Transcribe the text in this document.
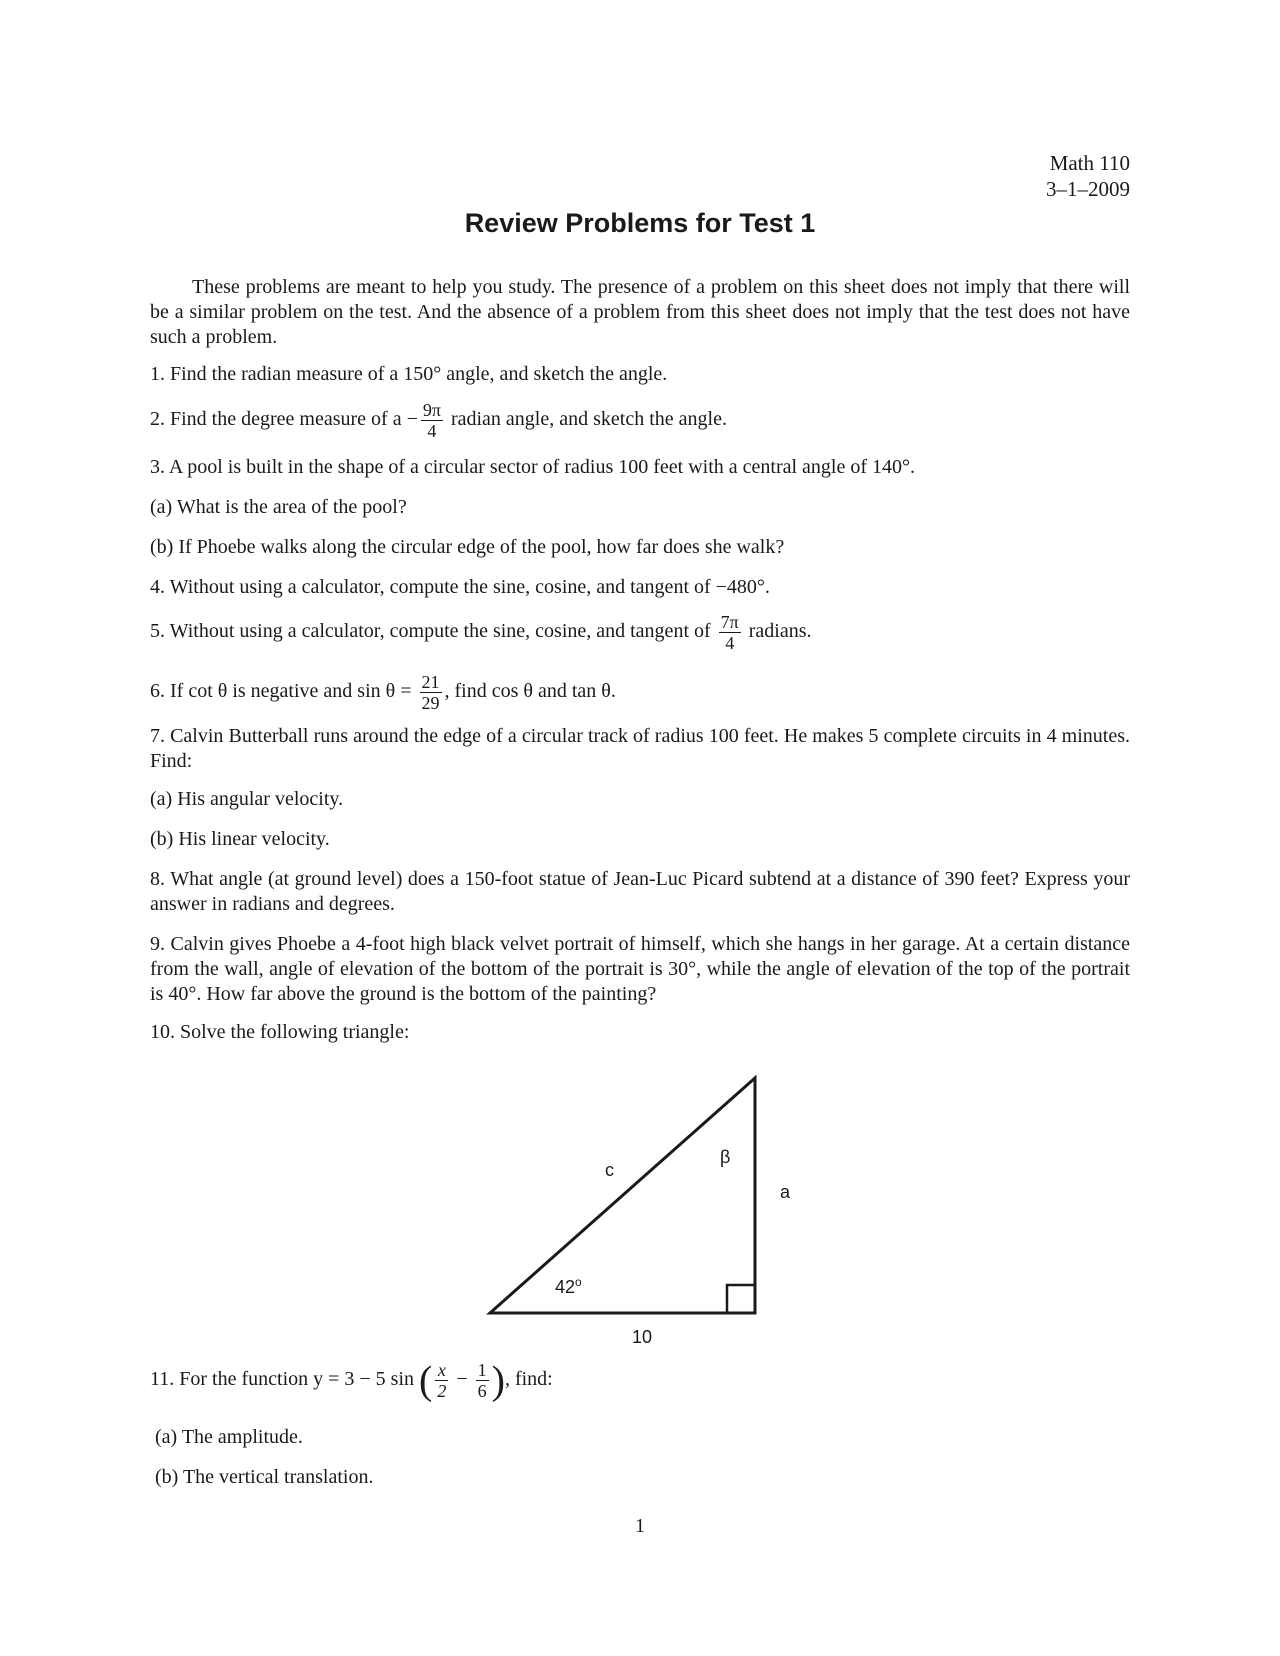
Math 110
3–1–2009
Review Problems for Test 1
These problems are meant to help you study. The presence of a problem on this sheet does not imply that there will be a similar problem on the test. And the absence of a problem from this sheet does not imply that the test does not have such a problem.
1. Find the radian measure of a 150° angle, and sketch the angle.
2. Find the degree measure of $a - \frac{9\pi}{4}$ radian angle, and sketch the angle.
3. A pool is built in the shape of a circular sector of radius 100 feet with a central angle of 140°.
(a) What is the area of the pool?
(b) If Phoebe walks along the circular edge of the pool, how far does she walk?
4. Without using a calculator, compute the sine, cosine, and tangent of −480°.
5. Without using a calculator, compute the sine, cosine, and tangent of $\frac{7\pi}{4}$ radians.
6. If cot θ is negative and $\sin \theta = \frac{21}{29}$ , find cos θ and tan θ.
7. Calvin Butterball runs around the edge of a circular track of radius 100 feet. He makes 5 complete circuits in 4 minutes. Find:
(a) His angular velocity.
(b) His linear velocity.
8. What angle (at ground level) does a 150-foot statue of Jean-Luc Picard subtend at a distance of 390 feet? Express your answer in radians and degrees.
9. Calvin gives Phoebe a 4-foot high black velvet portrait of himself, which she hangs in her garage. At a certain distance from the wall, angle of elevation of the bottom of the portrait is 30°, while the angle of elevation of the top of the portrait is 40°. How far above the ground is the bottom of the painting?
10. Solve the following triangle:
c
β
a
42$^o$
10
11. For the function y = 3 − 5 sin ( $\frac{x}{2} - \frac{1}{6}$ ), find:
(a) The amplitude.
(b) The vertical translation.
1
